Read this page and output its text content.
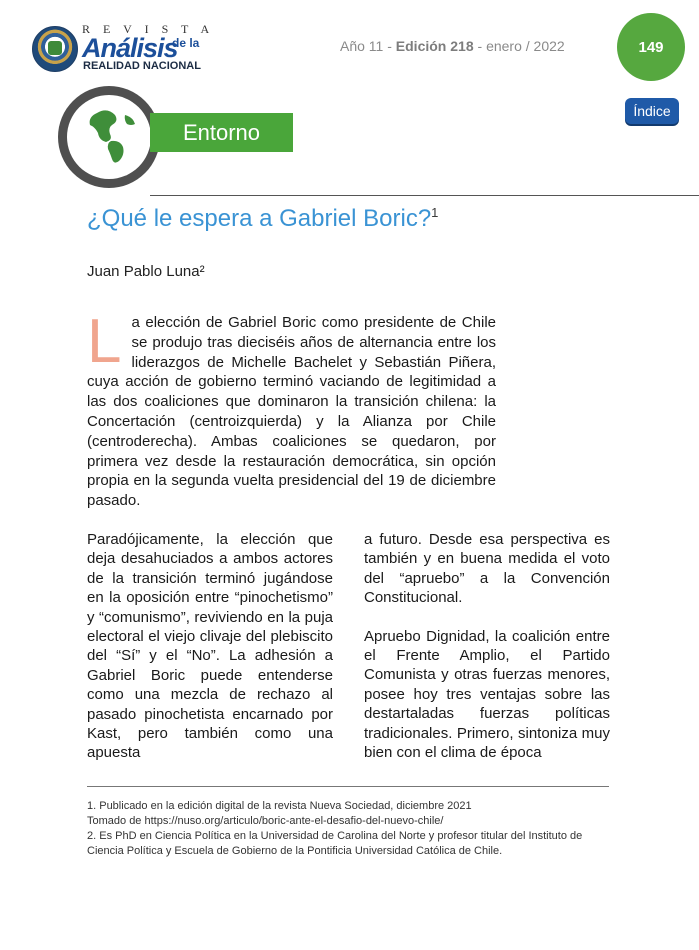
R E V I S T A
Análisis
de la
REALIDAD NACIONAL
Año 11 - Edición 218 - enero / 2022	149
Índice
Entorno
¿Qué le espera a Gabriel Boric?$^1$
Juan Pablo Luna²

La elección de Gabriel Boric como presidente de Chile se produjo tras dieciséis años de alternancia entre los liderazgos de Michelle Bachelet y Sebastián Piñera, cuya acción de gobierno terminó vaciando de legitimidad a las dos coaliciones que dominaron la transición chilena: la Concertación (centroizquierda) y la Alianza por Chile (centroderecha). Ambas coaliciones se quedaron, por primera vez desde la restauración democrática, sin opción propia en la segunda vuelta presidencial del 19 de diciembre pasado.

Paradójicamente, la elección que deja desahuciados a ambos actores de la transición terminó jugándose en la oposición entre “pinochetismo” y “comunismo”, reviviendo en la puja electoral el viejo clivaje del plebiscito del “Sí” y el “No”. La adhesión a Gabriel Boric puede entenderse como una mezcla de rechazo al pasado pinochetista encarnado por Kast, pero también como una apuesta

a futuro. Desde esa perspectiva es también y en buena medida el voto del “apruebo” a la Convención Constitucional.

Apruebo Dignidad, la coalición entre el Frente Amplio, el Partido Comunista y otras fuerzas menores, posee hoy tres ventajas sobre las destartaladas fuerzas políticas tradicionales. Primero, sintoniza muy bien con el clima de época

1. Publicado en la edición digital de la revista Nueva Sociedad, diciembre 2021

Tomado de https://nuso.org/articulo/boric-ante-el-desafio-del-nuevo-chile/

2. Es PhD en Ciencia Política en la Universidad de Carolina del Norte y profesor titular del Instituto de Ciencia Política y Escuela de Gobierno de la Pontificia Universidad Católica de Chile.
